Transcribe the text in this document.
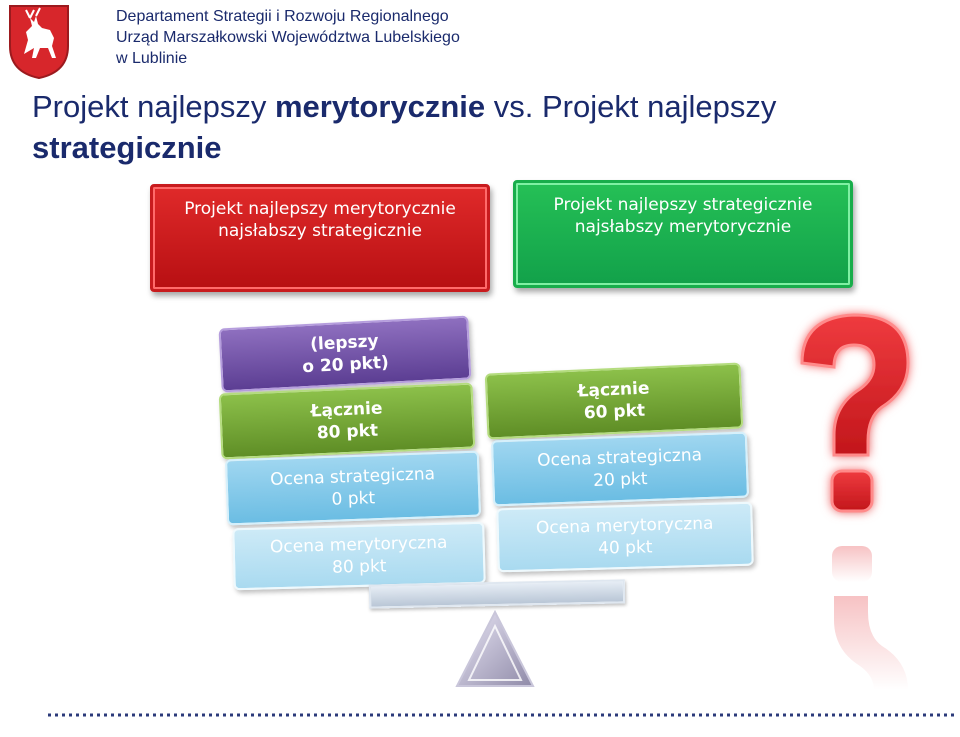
Departament Strategii i Rozwoju Regionalnego
Urząd Marszałkowski Województwa Lubelskiego
w Lublinie
Projekt najlepszy merytorycznie vs. Projekt najlepszy strategicznie
Projekt najlepszy merytorycznie
najsłabszy strategicznie
Projekt najlepszy strategicznie
najsłabszy merytorycznie
(lepszy
o 20 pkt)
Łącznie
80 pkt
Ocena strategiczna
0 pkt
Ocena merytoryczna
80 pkt
Łącznie
60 pkt
Ocena strategiczna
20 pkt
Ocena merytoryczna
40 pkt
